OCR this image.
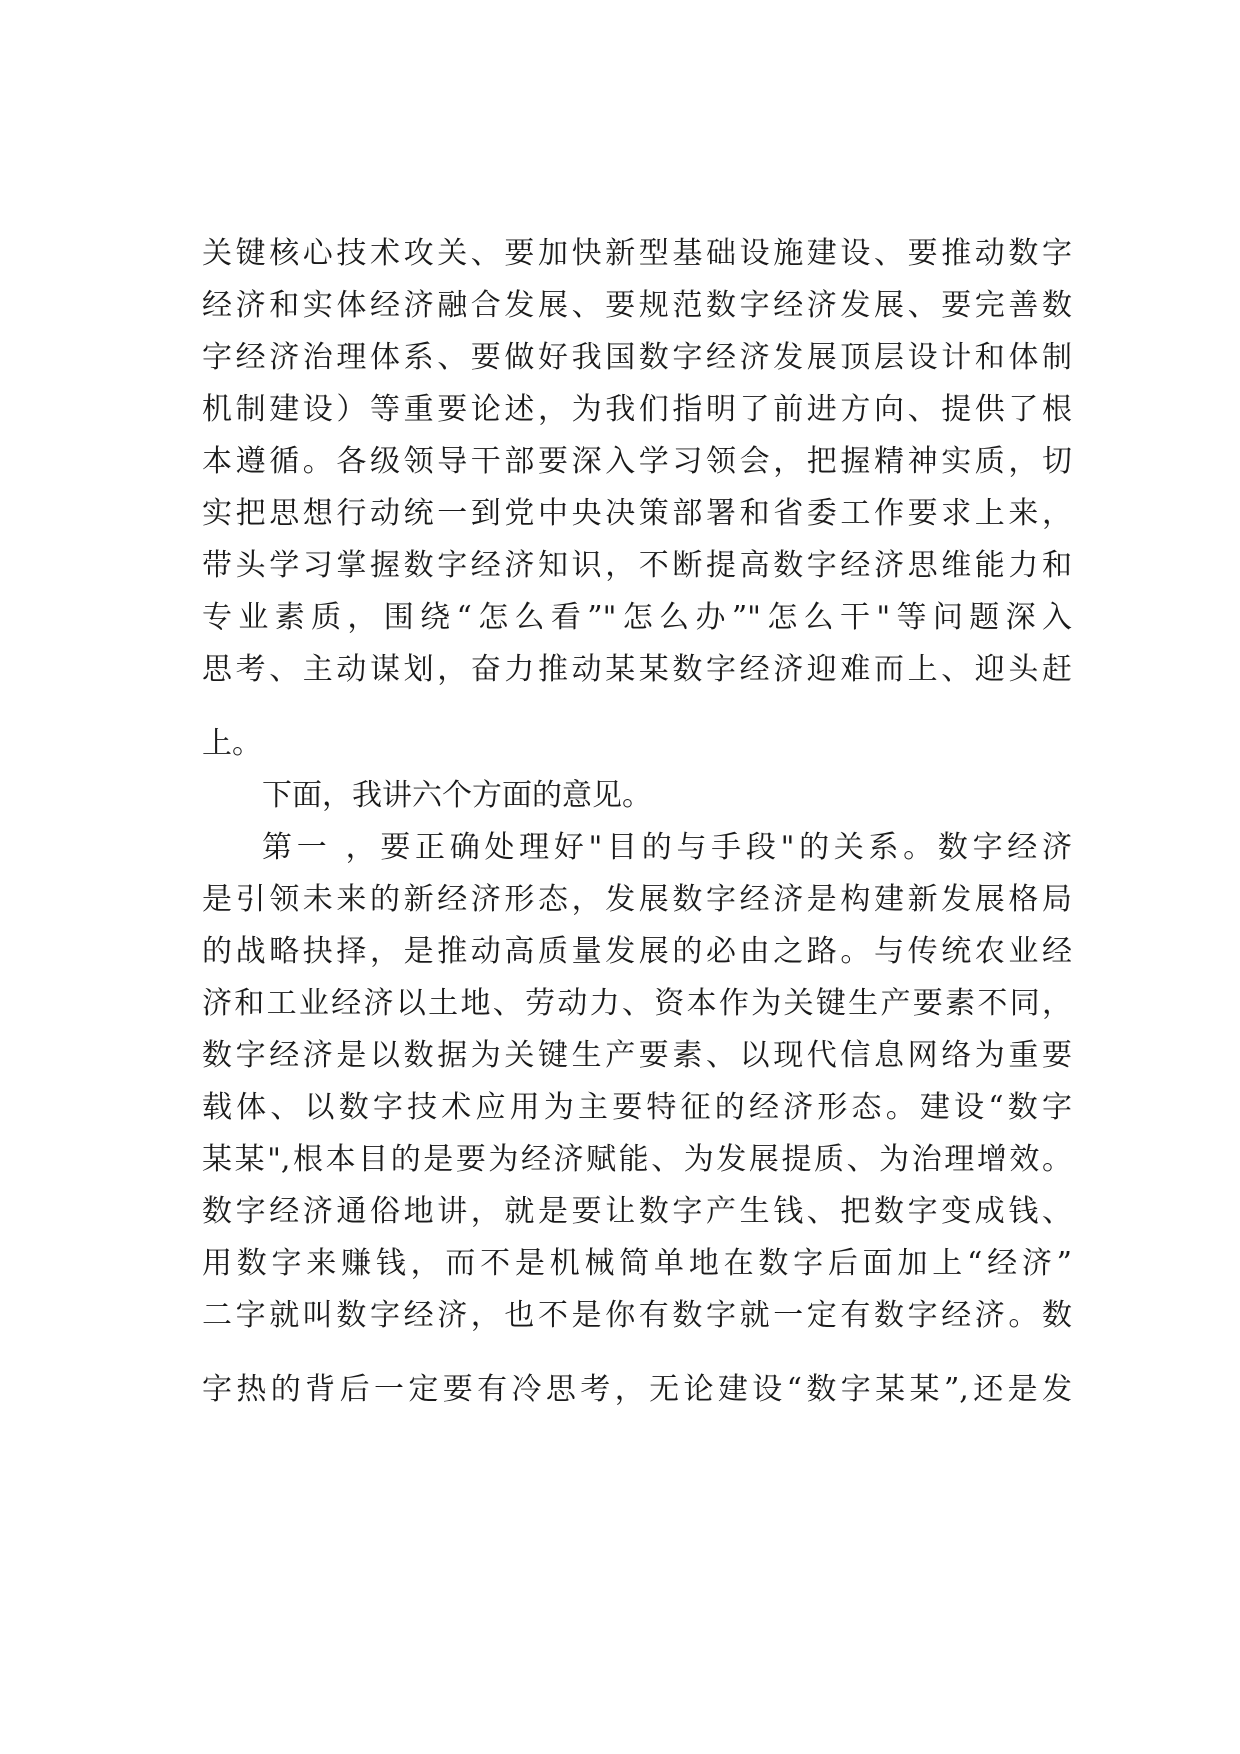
关键核心技术攻关、要加快新型基础设施建设、要推动数字
经济和实体经济融合发展、要规范数字经济发展、要完善数
字经济治理体系、要做好我国数字经济发展顶层设计和体制
机制建设）等重要论述，为我们指明了前进方向、提供了根
本遵循。各级领导干部要深入学习领会，把握精神实质，切
实把思想行动统一到党中央决策部署和省委工作要求上来，
带头学习掌握数字经济知识，不断提高数字经济思维能力和
专业素质，围绕“怎么看”"怎么办”"怎么干"等问题深入
思考、主动谋划，奋力推动某某数字经济迎难而上、迎头赶
上。
下面，我讲六个方面的意见。
第一 ，要正确处理好"目的与手段"的关系。数字经济
是引领未来的新经济形态，发展数字经济是构建新发展格局
的战略抉择，是推动高质量发展的必由之路。与传统农业经
济和工业经济以土地、劳动力、资本作为关键生产要素不同，
数字经济是以数据为关键生产要素、以现代信息网络为重要
载体、以数字技术应用为主要特征的经济形态。建设“数字
某某",根本目的是要为经济赋能、为发展提质、为治理增效。
数字经济通俗地讲，就是要让数字产生钱、把数字变成钱、
用数字来赚钱，而不是机械简单地在数字后面加上“经济”
二字就叫数字经济，也不是你有数字就一定有数字经济。数
字热的背后一定要有冷思考，无论建设“数字某某”,还是发
